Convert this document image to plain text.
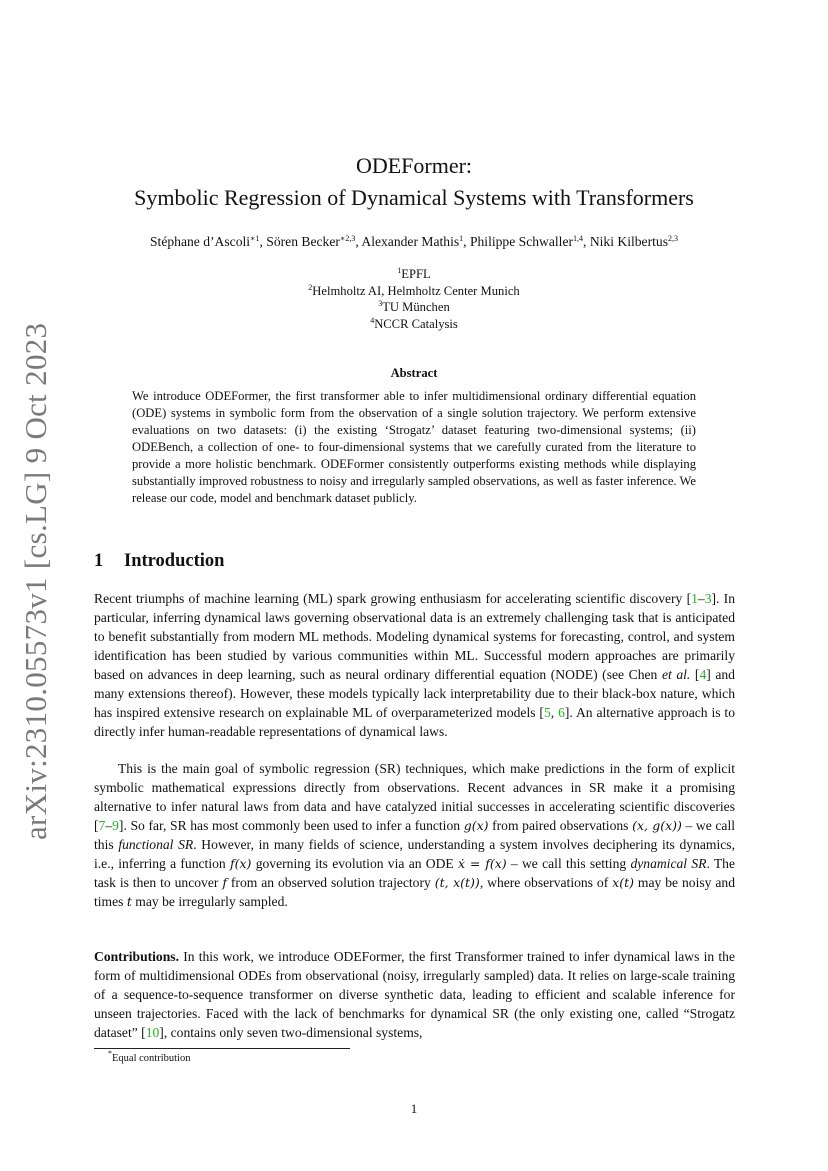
arXiv:2310.05573v1 [cs.LG] 9 Oct 2023
ODEFormer:
Symbolic Regression of Dynamical Systems with Transformers
Stéphane d’Ascoli$^{∗1}$, Sören Becker$^{∗2,3}$, Alexander Mathis$^1$, Philippe Schwaller$^{1,4}$, Niki Kilbertus$^{2,3}$
$^1$EPFL
$^2$Helmholtz AI, Helmholtz Center Munich
$^3$TU München
$^4$NCCR Catalysis
Abstract
We introduce ODEFormer, the first transformer able to infer multidimensional ordinary differential equation (ODE) systems in symbolic form from the observation of a single solution trajectory. We perform extensive evaluations on two datasets: (i) the existing ‘Strogatz’ dataset featuring two-dimensional systems; (ii) ODEBench, a collection of one- to four-dimensional systems that we carefully curated from the literature to provide a more holistic benchmark. ODEFormer consistently outperforms existing methods while displaying substantially improved robustness to noisy and irregularly sampled observations, as well as faster inference. We release our code, model and benchmark dataset publicly.
1 Introduction

Recent triumphs of machine learning (ML) spark growing enthusiasm for accelerating scientific discovery [1–3]. In particular, inferring dynamical laws governing observational data is an extremely challenging task that is anticipated to benefit substantially from modern ML methods. Modeling dynamical systems for forecasting, control, and system identification has been studied by various communities within ML. Successful modern approaches are primarily based on advances in deep learning, such as neural ordinary differential equation (NODE) (see Chen et al. [4] and many extensions thereof). However, these models typically lack interpretability due to their black-box nature, which has inspired extensive research on explainable ML of overparameterized models [5, 6]. An alternative approach is to directly infer human-readable representations of dynamical laws.

This is the main goal of symbolic regression (SR) techniques, which make predictions in the form of explicit symbolic mathematical expressions directly from observations. Recent advances in SR make it a promising alternative to infer natural laws from data and have catalyzed initial successes in accelerating scientific discoveries [7–9]. So far, SR has most commonly been used to infer a function g(x) from paired observations (x, g(x)) – we call this functional SR. However, in many fields of science, understanding a system involves deciphering its dynamics, i.e., inferring a function f(x) governing its evolution via an ODE ẋ = f(x) – we call this setting dynamical SR. The task is then to uncover f from an observed solution trajectory (t, x(t)), where observations of x(t) may be noisy and times t may be irregularly sampled.

Contributions. In this work, we introduce ODEFormer, the first Transformer trained to infer dynamical laws in the form of multidimensional ODEs from observational (noisy, irregularly sampled) data. It relies on large-scale training of a sequence-to-sequence transformer on diverse synthetic data, leading to efficient and scalable inference for unseen trajectories. Faced with the lack of benchmarks for dynamical SR (the only existing one, called “Strogatz dataset” [10], contains only seven two-dimensional systems,

*Equal contribution
1
